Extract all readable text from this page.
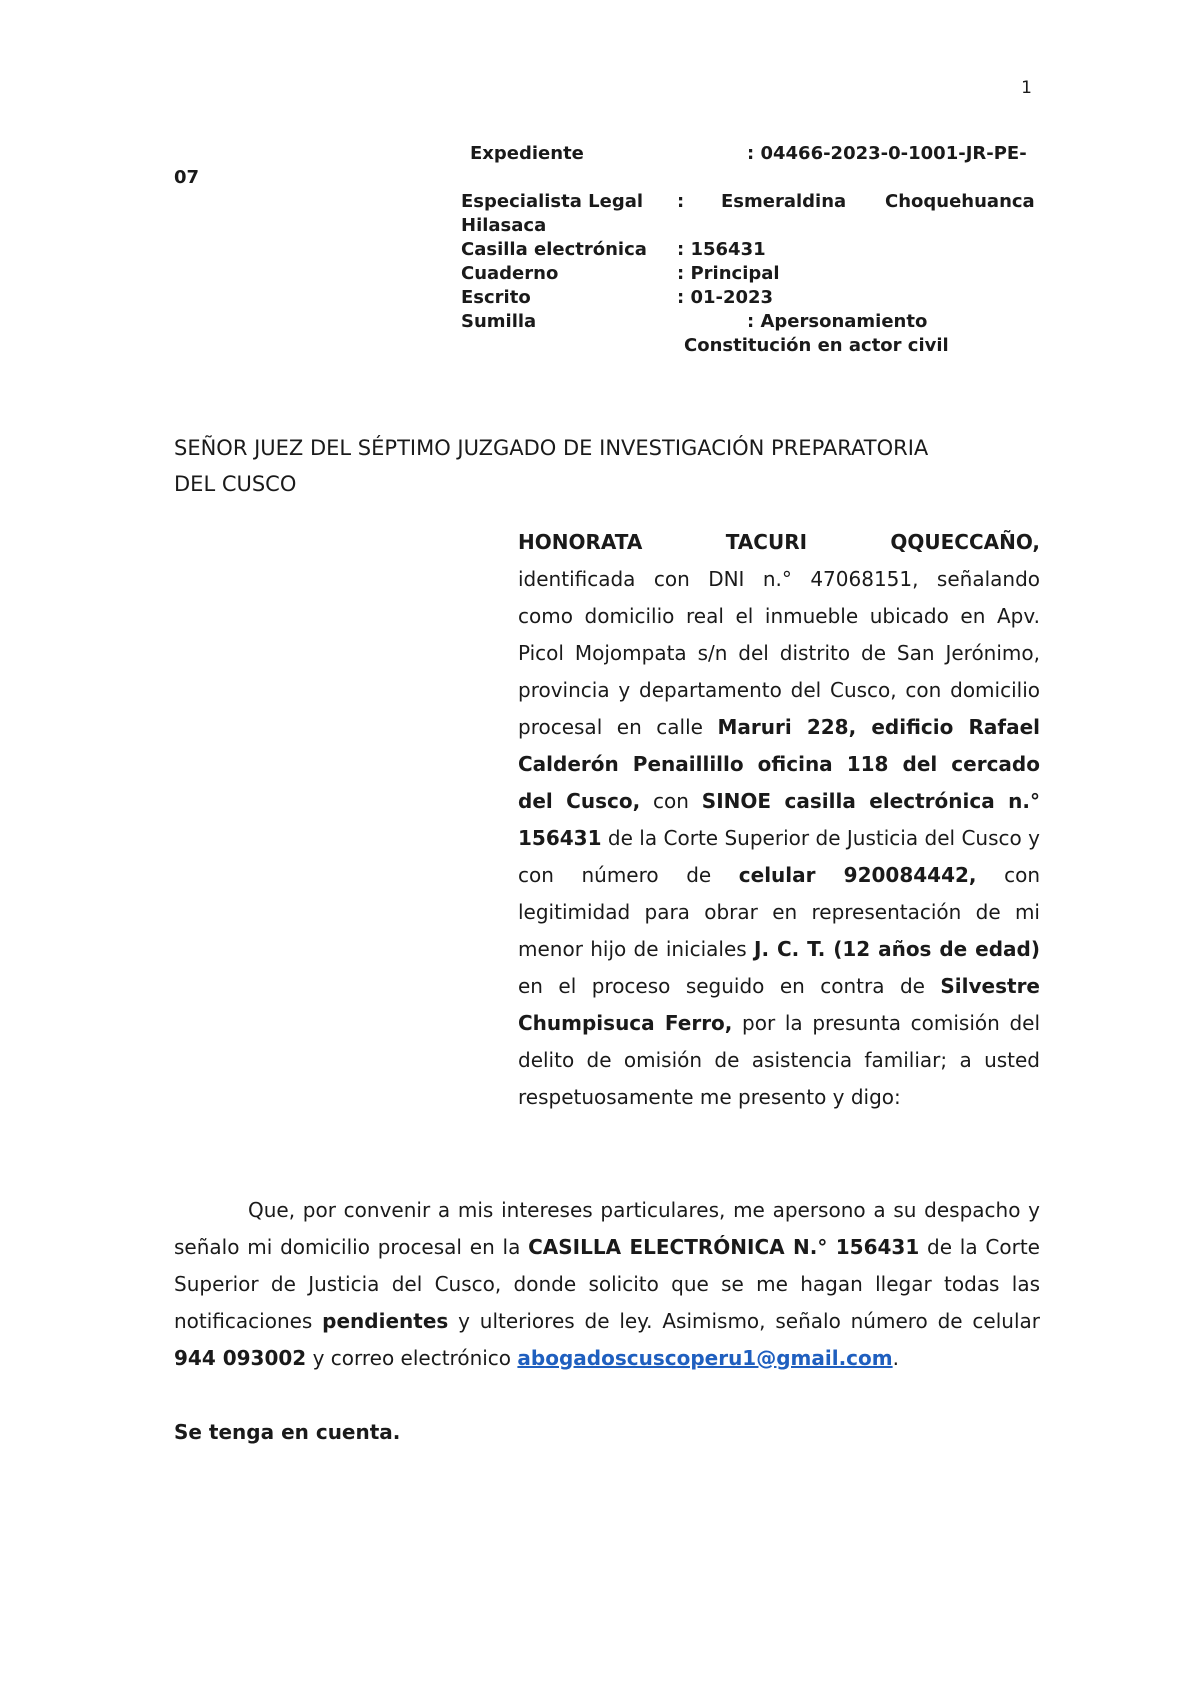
1
Expediente	: 04466-2023-0-1001-JR-PE-
07
Especialista Legal : Esmeraldina Choquehuanca
Hilasaca
Casilla electrónica : 156431
Cuaderno	: Principal
Escrito	: 01-2023
Sumilla	: Apersonamiento
Constitución en actor civil
SEÑOR JUEZ DEL SÉPTIMO JUZGADO DE INVESTIGACIÓN PREPARATORIA
DEL CUSCO
HONORATA	TACURI	QQUECCAÑO,

identificada con DNI n.° 47068151, señalando como domicilio real el inmueble ubicado en Apv. Picol Mojompata s/n del distrito de San Jerónimo, provincia y departamento del Cusco, con domicilio procesal en calle Maruri 228, edificio Rafael Calderón Penaillillo oficina 118 del cercado del Cusco, con SINOE casilla electrónica n.° 156431 de la Corte Superior de Justicia del Cusco y con número de celular 920084442, con legitimidad para obrar en representación de mi menor hijo de iniciales J. C. T. (12 años de edad) en el proceso seguido en contra de Silvestre Chumpisuca Ferro, por la presunta comisión del delito de omisión de asistencia familiar; a usted respetuosamente me presento y digo:

Que, por convenir a mis intereses particulares, me apersono a su despacho y señalo mi domicilio procesal en la CASILLA ELECTRÓNICA N.° 156431 de la Corte Superior de Justicia del Cusco, donde solicito que se me hagan llegar todas las notificaciones pendientes y ulteriores de ley. Asimismo, señalo número de celular 944 093002 y correo electrónico abogadoscuscoperu1@gmail.com.

Se tenga en cuenta.
